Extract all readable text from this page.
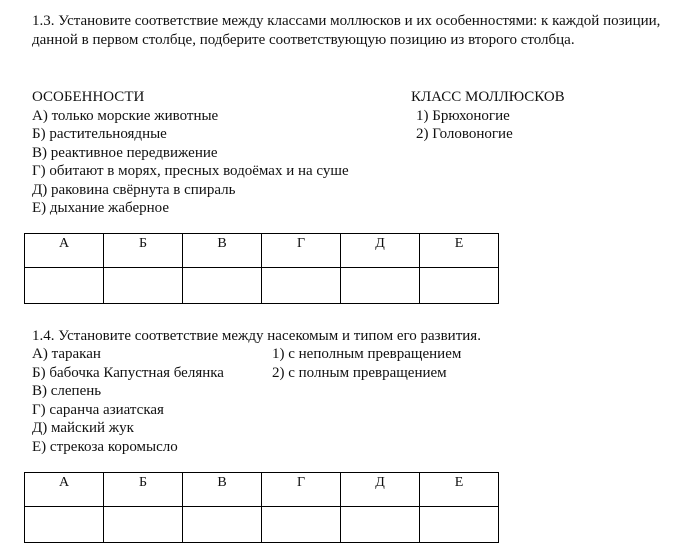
1.3. Установите соответствие между классами моллюсков и их особенностями: к каждой позиции, данной в первом столбце, подберите соответствующую позицию из второго столбца.
ОСОБЕННОСТИ	КЛАСС МОЛЛЮСКОВ
А) только морские животные
Б) растительноядные
В) реактивное передвижение
Г) обитают в морях, пресных водоёмах и на суше
Д) раковина свёрнута в спираль
Е) дыхание жаберное
1) Брюхоногие
2) Головоногие
А	Б	В	Г	Д	Е

1.4. Установите соответствие между насекомым и типом его развития.
А) таракан
Б) бабочка Капустная белянка
В) слепень
Г) саранча азиатская
Д) майский жук
Е) стрекоза коромысло
1) с неполным превращением
2) с полным превращением
А	Б	В	Г	Д	Е
